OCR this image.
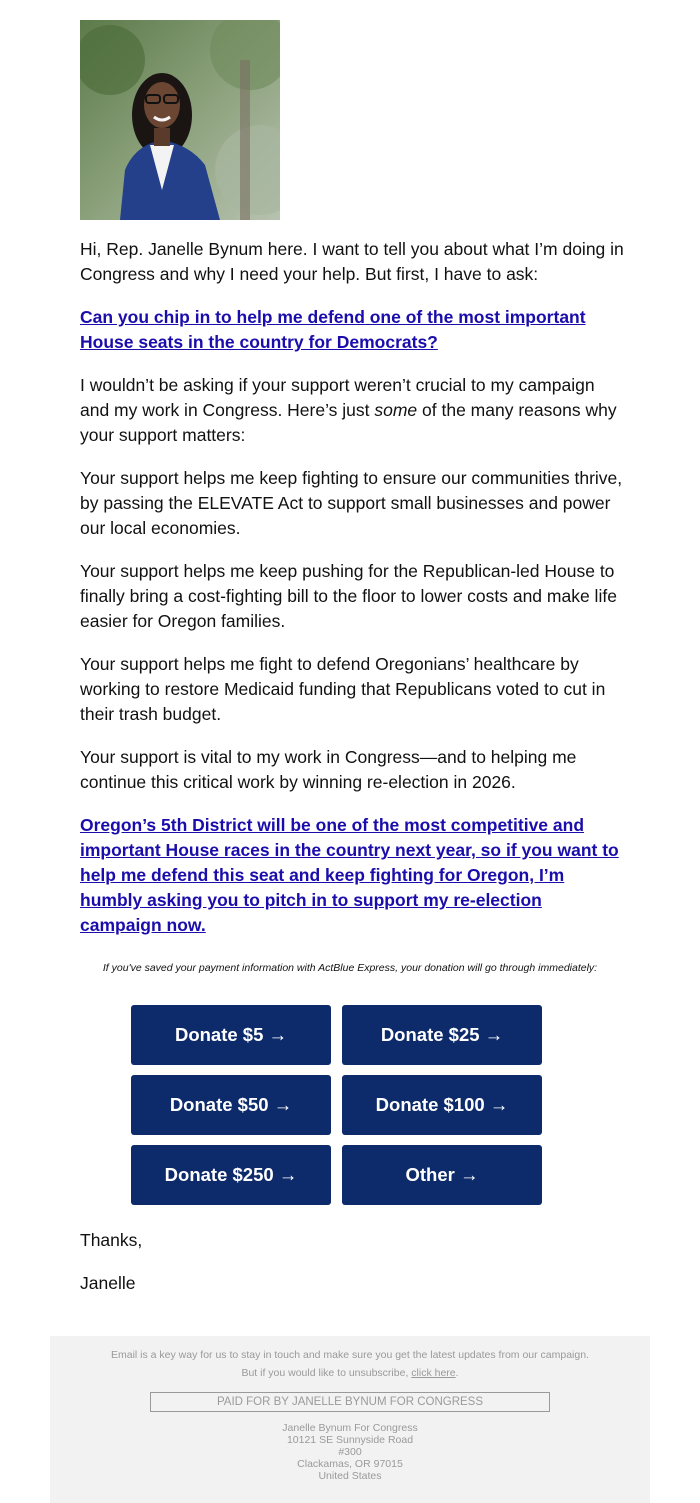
Hi, Rep. Janelle Bynum here. I want to tell you about what I’m doing in Congress and why I need your help. But first, I have to ask:

Can you chip in to help me defend one of the most important House seats in the country for Democrats?

I wouldn’t be asking if your support weren’t crucial to my campaign and my work in Congress. Here’s just some of the many reasons why your support matters:

Your support helps me keep fighting to ensure our communities thrive, by passing the ELEVATE Act to support small businesses and power our local economies.

Your support helps me keep pushing for the Republican-led House to finally bring a cost-fighting bill to the floor to lower costs and make life easier for Oregon families.

Your support helps me fight to defend Oregonians’ healthcare by working to restore Medicaid funding that Republicans voted to cut in their trash budget.

Your support is vital to my work in Congress—and to helping me continue this critical work by winning re-election in 2026.

Oregon’s 5th District will be one of the most competitive and important House races in the country next year, so if you want to help me defend this seat and keep fighting for Oregon, I’m humbly asking you to pitch in to support my re-election campaign now.
If you've saved your payment information with ActBlue Express, your donation will go through immediately:
Donate $5 →	Donate $25 →
Donate $50 →	Donate $100 →
Donate $250 →	Other →
Thanks,
Janelle
Email is a key way for us to stay in touch and make sure you get the latest updates from our campaign.
But if you would like to unsubscribe, click here.
PAID FOR BY JANELLE BYNUM FOR CONGRESS
Janelle Bynum For Congress
10121 SE Sunnyside Road
#300
Clackamas, OR 97015
United States
